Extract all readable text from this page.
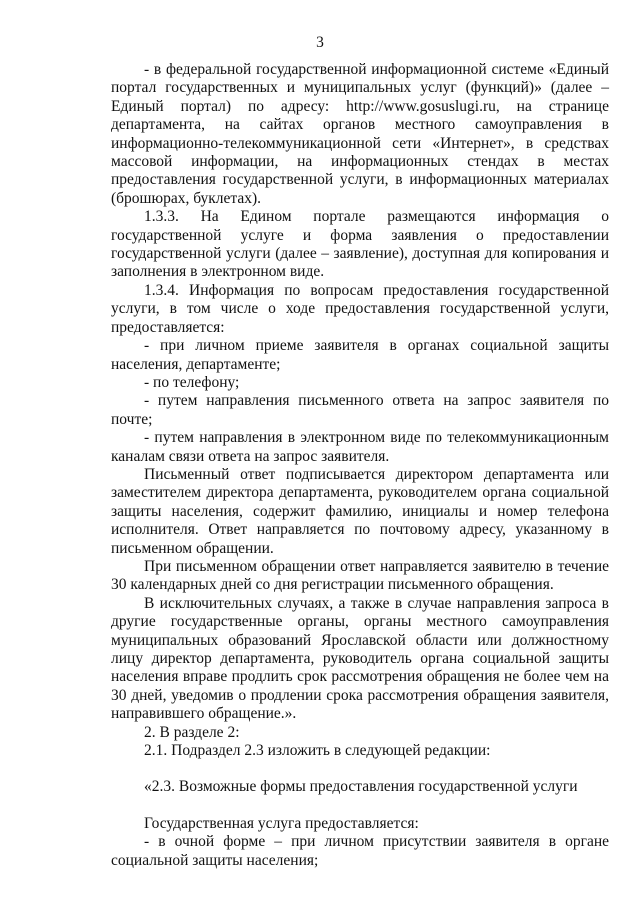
3

- в федеральной государственной информационной системе «Единый портал государственных и муниципальных услуг (функций)» (далее – Единый портал) по адресу: http://www.gosuslugi.ru, на странице департамента, на сайтах органов местного самоуправления в информационно-телекоммуникационной сети «Интернет», в средствах массовой информации, на информационных стендах в местах предоставления государственной услуги, в информационных материалах (брошюрах, буклетах).

1.3.3. На Едином портале размещаются информация о государственной услуге и форма заявления о предоставлении государственной услуги (далее – заявление), доступная для копирования и заполнения в электронном виде.

1.3.4. Информация по вопросам предоставления государственной услуги, в том числе о ходе предоставления государственной услуги, предоставляется:

- при личном приеме заявителя в органах социальной защиты населения, департаменте;

- по телефону;

- путем направления письменного ответа на запрос заявителя по почте;

- путем направления в электронном виде по телекоммуникационным каналам связи ответа на запрос заявителя.

Письменный ответ подписывается директором департамента или заместителем директора департамента, руководителем органа социальной защиты населения, содержит фамилию, инициалы и номер телефона исполнителя. Ответ направляется по почтовому адресу, указанному в письменном обращении.

При письменном обращении ответ направляется заявителю в течение 30 календарных дней со дня регистрации письменного обращения.

В исключительных случаях, а также в случае направления запроса в другие государственные органы, органы местного самоуправления муниципальных образований Ярославской области или должностному лицу директор департамента, руководитель органа социальной защиты населения вправе продлить срок рассмотрения обращения не более чем на 30 дней, уведомив о продлении срока рассмотрения обращения заявителя, направившего обращение.».

2. В разделе 2:

2.1. Подраздел 2.3 изложить в следующей редакции:

«2.3. Возможные формы предоставления государственной услуги

Государственная услуга предоставляется:

- в очной форме – при личном присутствии заявителя в органе социальной защиты населения;
